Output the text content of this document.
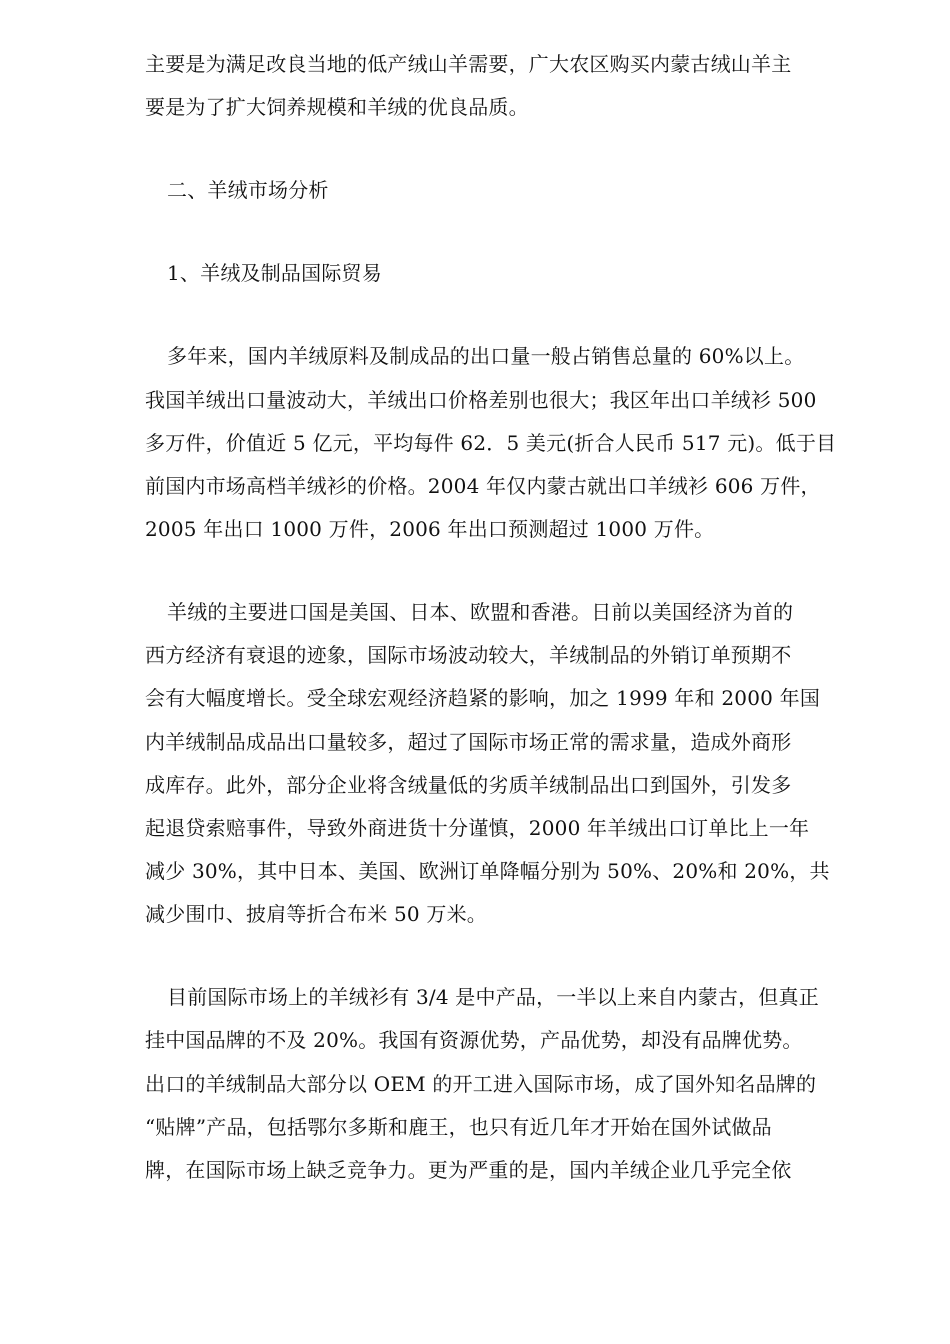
主要是为满足改良当地的低产绒山羊需要，广大农区购买内蒙古绒山羊主
要是为了扩大饲养规模和羊绒的优良品质。
二、羊绒市场分析
1、羊绒及制品国际贸易
多年来，国内羊绒原料及制成品的出口量一般占销售总量的 60%以上。
我国羊绒出口量波动大，羊绒出口价格差别也很大；我区年出口羊绒衫 500
多万件，价值近 5 亿元，平均每件 62．5 美元(折合人民币 517 元)。低于目
前国内市场高档羊绒衫的价格。2004 年仅内蒙古就出口羊绒衫 606 万件，
2005 年出口 1000 万件，2006 年出口预测超过 1000 万件。
羊绒的主要进口国是美国、日本、欧盟和香港。日前以美国经济为首的
西方经济有衰退的迹象，国际市场波动较大，羊绒制品的外销订单预期不
会有大幅度增长。受全球宏观经济趋紧的影响，加之 1999 年和 2000 年国
内羊绒制品成品出口量较多，超过了国际市场正常的需求量，造成外商形
成库存。此外，部分企业将含绒量低的劣质羊绒制品出口到国外，引发多
起退贷索赔事件，导致外商进货十分谨慎，2000 年羊绒出口订单比上一年
减少 30%，其中日本、美国、欧洲订单降幅分别为 50%、20%和 20%，共
减少围巾、披肩等折合布米 50 万米。
目前国际市场上的羊绒衫有 3/4 是中产品，一半以上来自内蒙古，但真正
挂中国品牌的不及 20%。我国有资源优势，产品优势，却没有品牌优势。
出口的羊绒制品大部分以 OEM 的开工进入国际市场，成了国外知名品牌的
“贴牌”产品，包括鄂尔多斯和鹿王，也只有近几年才开始在国外试做品
牌，在国际市场上缺乏竞争力。更为严重的是，国内羊绒企业几乎完全依
